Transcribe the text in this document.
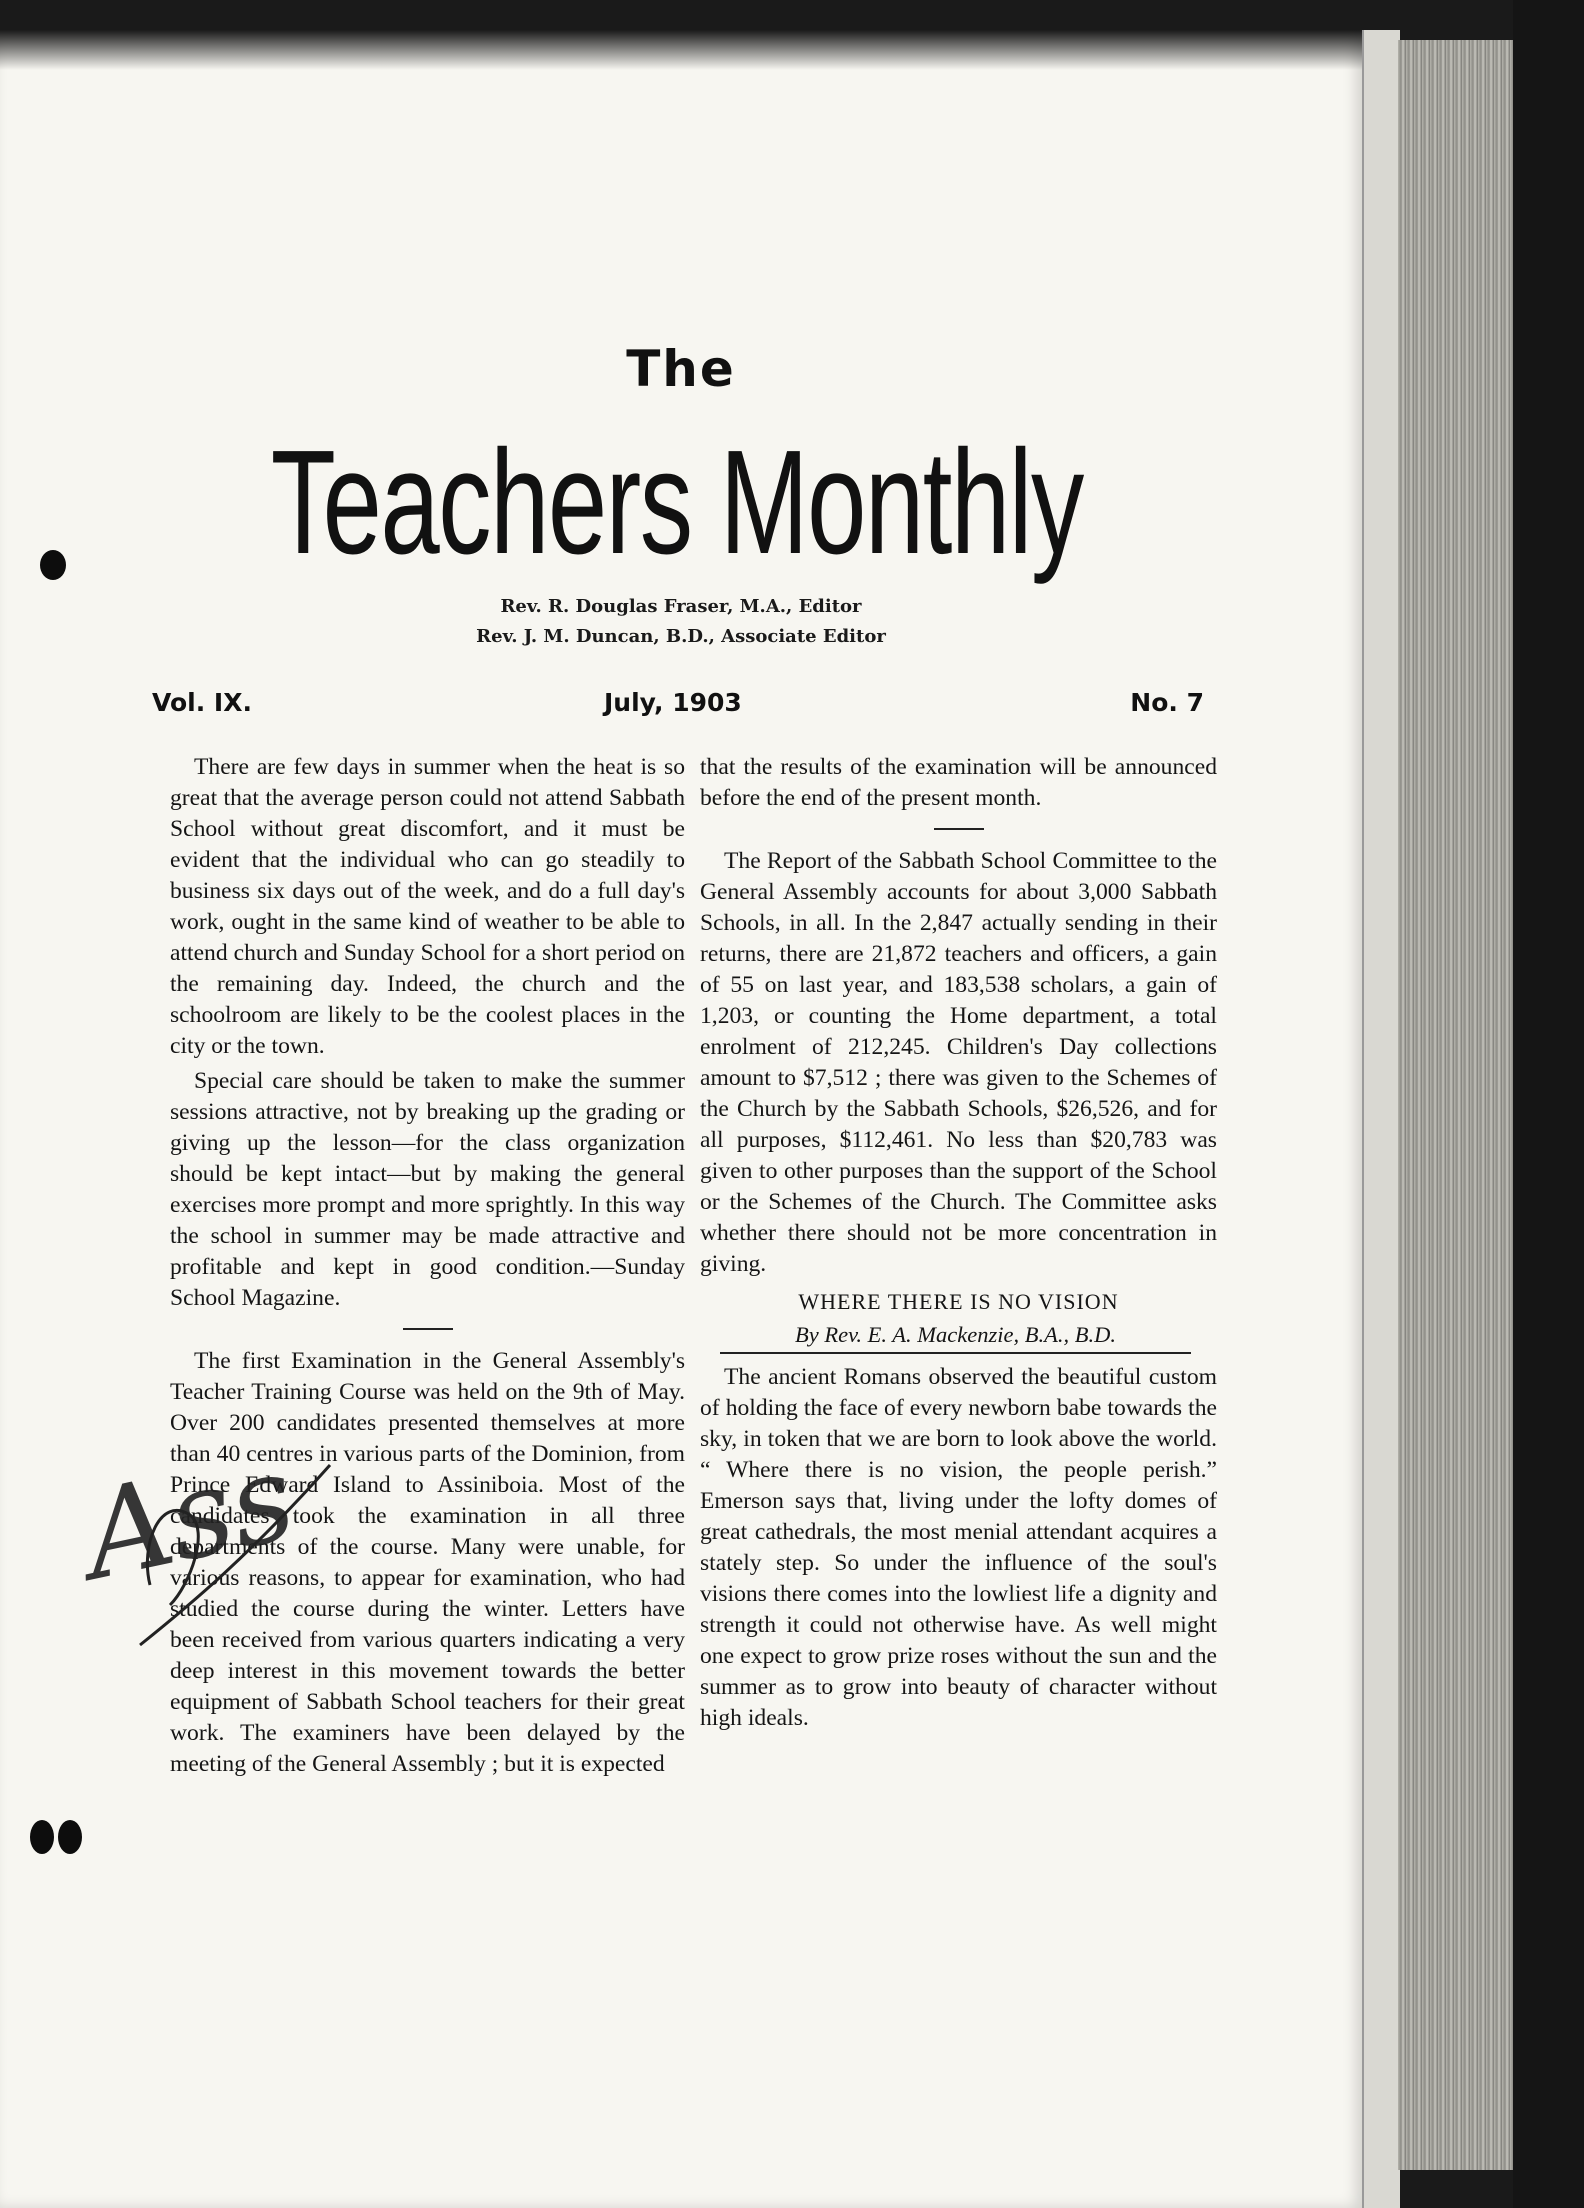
The
Teachers Monthly
Rev. R. Douglas Fraser, M.A., Editor
Rev. J. M. Duncan, B.D., Associate Editor
Vol. IX.	July, 1903	No. 7

There are few days in summer when the heat is so great that the average person could not attend Sabbath School without great discomfort, and it must be evident that the individual who can go steadily to business six days out of the week, and do a full day's work, ought in the same kind of weather to be able to attend church and Sunday School for a short period on the remaining day. Indeed, the church and the schoolroom are likely to be the coolest places in the city or the town.

Special care should be taken to make the summer sessions attractive, not by breaking up the grading or giving up the lesson—for the class organization should be kept intact—but by making the general exercises more prompt and more sprightly. In this way the school in summer may be made attractive and profitable and kept in good condition.—Sunday School Magazine.

The first Examination in the General Assembly's Teacher Training Course was held on the 9th of May. Over 200 candidates presented themselves at more than 40 centres in various parts of the Dominion, from Prince Edward Island to Assiniboia. Most of the candidates took the examination in all three departments of the course. Many were unable, for various reasons, to appear for examination, who had studied the course during the winter. Letters have been received from various quarters indicating a very deep interest in this movement towards the better equipment of Sabbath School teachers for their great work. The examiners have been delayed by the meeting of the General Assembly ; but it is expected

that the results of the examination will be announced before the end of the present month.

The Report of the Sabbath School Committee to the General Assembly accounts for about 3,000 Sabbath Schools, in all. In the 2,847 actually sending in their returns, there are 21,872 teachers and officers, a gain of 55 on last year, and 183,538 scholars, a gain of 1,203, or counting the Home department, a total enrolment of 212,245. Children's Day collections amount to $7,512 ; there was given to the Schemes of the Church by the Sabbath Schools, $26,526, and for all purposes, $112,461. No less than $20,783 was given to other purposes than the support of the School or the Schemes of the Church. The Committee asks whether there should not be more concentration in giving.

WHERE THERE IS NO VISION

By Rev. E. A. Mackenzie, B.A., B.D.

The ancient Romans observed the beautiful custom of holding the face of every newborn babe towards the sky, in token that we are born to look above the world. “ Where there is no vision, the people perish.” Emerson says that, living under the lofty domes of great cathedrals, the most menial attendant acquires a stately step. So under the influence of the soul's visions there comes into the lowliest life a dignity and strength it could not otherwise have. As well might one expect to grow prize roses without the sun and the summer as to grow into beauty of character without high ideals.

Ass
